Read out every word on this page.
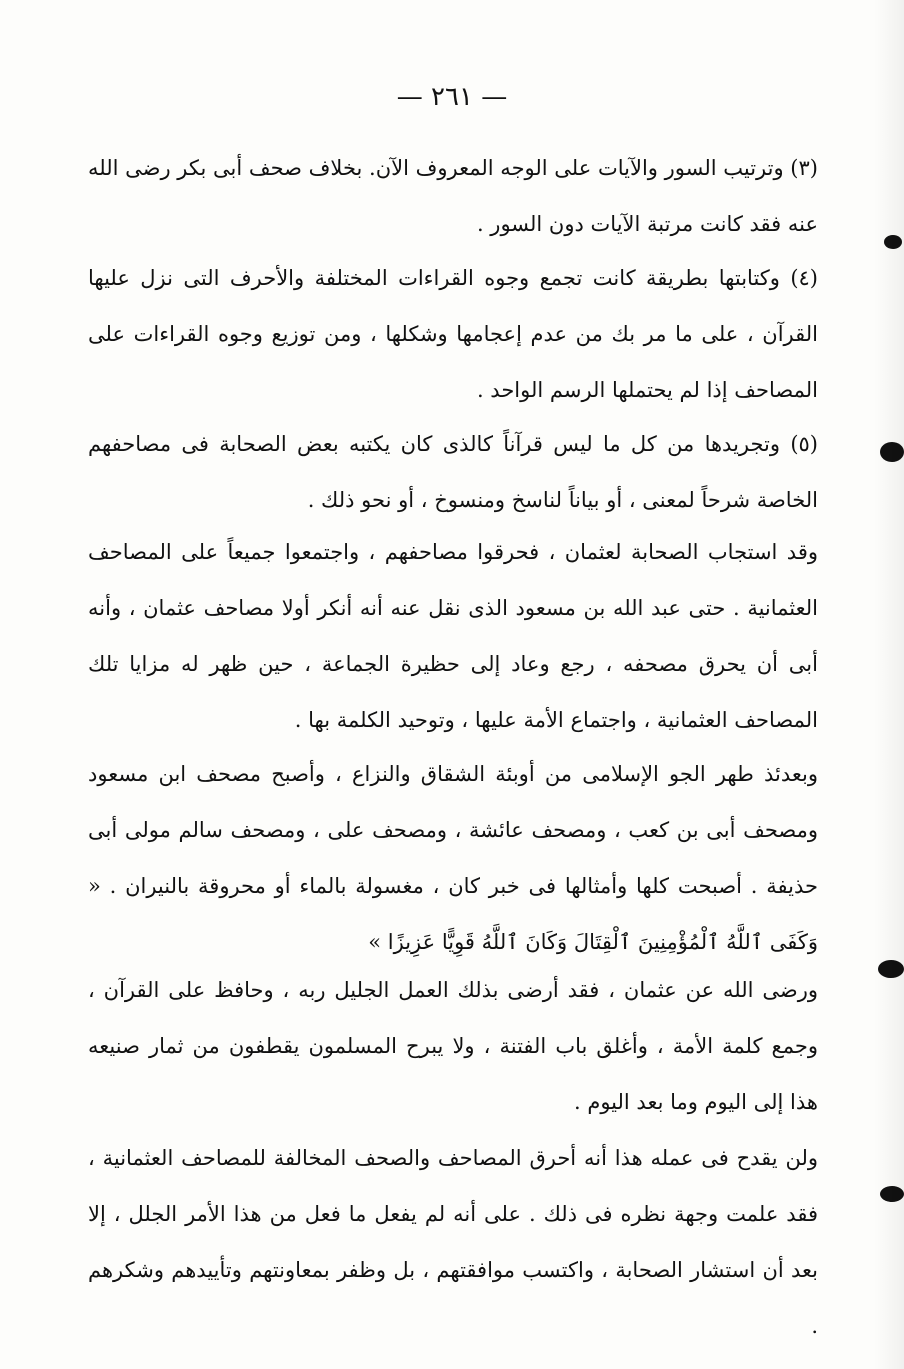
— ٢٦١ —

(٣) وترتيب السور والآيات على الوجه المعروف الآن. بخلاف صحف أبى بكر رضى الله عنه فقد كانت مرتبة الآيات دون السور .

(٤) وكتابتها بطريقة كانت تجمع وجوه القراءات المختلفة والأحرف التى نزل عليها القرآن ، على ما مر بك من عدم إعجامها وشكلها ، ومن توزيع وجوه القراءات على المصاحف إذا لم يحتملها الرسم الواحد .

(٥) وتجريدها من كل ما ليس قرآناً كالذى كان يكتبه بعض الصحابة فى مصاحفهم الخاصة شرحاً لمعنى ، أو بياناً لناسخ ومنسوخ ، أو نحو ذلك .

وقد استجاب الصحابة لعثمان ، فحرقوا مصاحفهم ، واجتمعوا جميعاً على المصاحف العثمانية . حتى عبد الله بن مسعود الذى نقل عنه أنه أنكر أولا مصاحف عثمان ، وأنه أبى أن يحرق مصحفه ، رجع وعاد إلى حظيرة الجماعة ، حين ظهر له مزايا تلك المصاحف العثمانية ، واجتماع الأمة عليها ، وتوحيد الكلمة بها .

وبعدئذ طهر الجو الإسلامى من أوبئة الشقاق والنزاع ، وأصبح مصحف ابن مسعود ومصحف أبى بن كعب ، ومصحف عائشة ، ومصحف على ، ومصحف سالم مولى أبى حذيفة . أصبحت كلها وأمثالها فى خبر كان ، مغسولة بالماء أو محروقة بالنيران . « وَكَفَى ٱللَّهُ ٱلْمُؤْمِنِينَ ٱلْقِتَالَ وَكَانَ ٱللَّهُ قَوِيًّا عَزِيزًا »

ورضى الله عن عثمان ، فقد أرضى بذلك العمل الجليل ربه ، وحافظ على القرآن ، وجمع كلمة الأمة ، وأغلق باب الفتنة ، ولا يبرح المسلمون يقطفون من ثمار صنيعه هذا إلى اليوم وما بعد اليوم .

ولن يقدح فى عمله هذا أنه أحرق المصاحف والصحف المخالفة للمصاحف العثمانية ، فقد علمت وجهة نظره فى ذلك . على أنه لم يفعل ما فعل من هذا الأمر الجلل ، إلا بعد أن استشار الصحابة ، واكتسب موافقتهم ، بل وظفر بمعاونتهم وتأييدهم وشكرهم .
